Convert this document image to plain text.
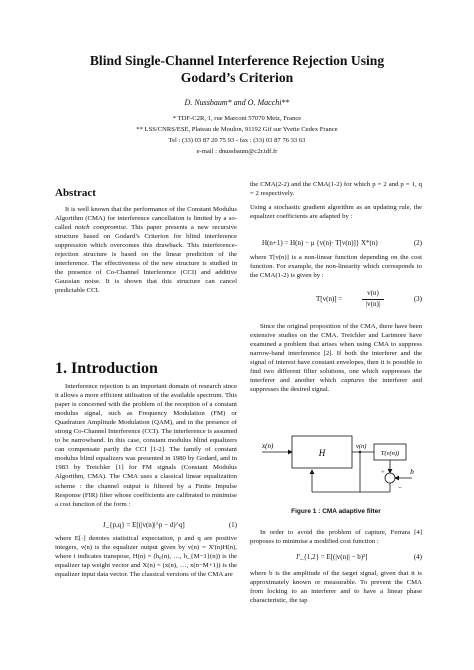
Blind Single-Channel Interference Rejection Using
Godard’s Criterion
D. Nussbaum* and O. Macchi**
* TDF-C2R, 1, rue Marconi 57070 Metz, France
** LSS/CNRS/ESE, Plateau de Moulon, 91192 Gif sur Yvette Cedex France
Tel : (33) 03 87 20 75 93 - fax : (33) 03 87 76 33 63
e-mail : dnussbaum@c2r.tdf.fr
Abstract
It is well known that the performance of the Constant Modulus Algorithm (CMA) for interference cancellation is limited by a so-called notch compromise. This paper presents a new recursive structure based on Godard’s Criterion for blind interference suppression which overcomes this drawback. This interference-rejection structure is based on the linear prediction of the interference. The effectiveness of the new structure is studied in the presence of Co-Channel Interference (CCI) and additive Gaussian noise. It is shown that this structure can cancel predictable CCI.
1. Introduction
Interference rejection is an important domain of research since it allows a more efficient utilisation of the available spectrum. This paper is concerned with the problem of the reception of a constant modulus signal, such as Frequency Modulation (FM) or Quadrature Amplitude Modulation (QAM), and in the presence of strong Co-Channel Interference (CCI). The interference is assumed to be narrowband. In this case, constant modulus blind equalizers can compensate partly the CCI [1-2]. The family of constant modulus blind equalizers was presented in 1980 by Godard, and in 1983 by Treichler [1] for FM signals (Constant Modulus Algorithm, CMA). The CMA uses a classical linear equalization scheme : the channel output is filtered by a Finite Impulse Response (FIR) filter whose coefficients are calibrated to minimise a cost function of the form :
J_{p,q} = E[(|v(n)|^p − d)^q]	(1)
where E[·] denotes statistical expectation, p and q are positive integers, v(n) is the equalizer output given by v(n) = Xᵗ(n)H(n), where t indicates transpose, H(n) = (h₀(n), …, h_{M−1}(n)) is the equalizer tap weight vector and X(n) = (x(n), …, x(n−M+1)) is the equalizer input data vector. The classical versions of the CMA are
the CMA(2-2) and the CMA(1-2) for which p = 2 and p = 1, q = 2 respectively.
Using a stochastic gradient algorithm as an updating rule, the equalizer coefficients are adapted by :
H(n+1) = H(n) − μ {v(n)· T[v(n)]} X*(n)	(2)
where T[v(n)] is a non-linear function depending on the cost function. For example, the non-linearity which corresponds to the CMA(1-2) is given by :
T[v(n)] =
v(n)
|v(n)|
(3)
Since the original proposition of the CMA, there have been extensive studies on the CMA. Treichler and Larimore have examined a problem that arises when using CMA to suppress narrow-band interference [2]. If both the interferer and the signal of interest have constant envelopes, then it is possible to find two different filter solutions, one which suppresses the interferer and another which captures the interferer and suppresses the desired signal.
x(n)
H
v(n)
T(v(n))
+
−
b
Figure 1 : CMA adaptive filter
In order to avoid the problem of capture, Ferrara [4] proposes to minimise a modified cost function :
J'_{1,2} = E[(|v(n)| − b)²]	(4)
where b is the amplitude of the target signal, given that it is approximately known or measurable. To prevent the CMA from locking to an interferer and to have a linear phase characteristic, the tap
